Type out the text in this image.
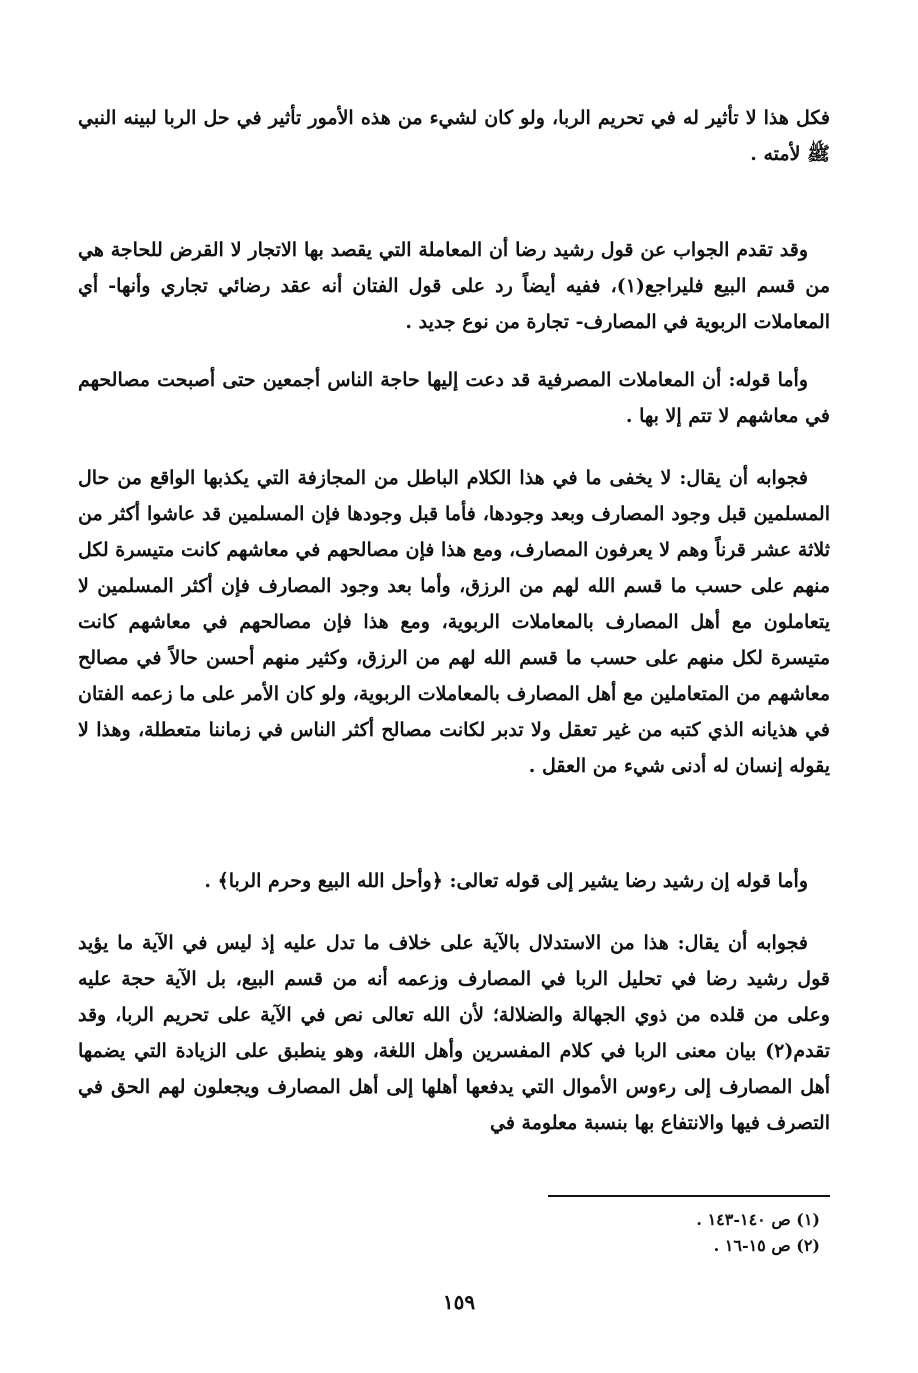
فكل هذا لا تأثير له في تحريم الربا، ولو كان لشيء من هذه الأمور تأثير في حل الربا لبينه النبي ﷺ لأمته .

وقد تقدم الجواب عن قول رشيد رضا أن المعاملة التي يقصد بها الاتجار لا القرض للحاجة هي من قسم البيع فليراجع(١)، ففيه أيضاً رد على قول الفتان أنه عقد رضائي تجاري وأنها- أي المعاملات الربوية في المصارف- تجارة من نوع جديد .

وأما قوله: أن المعاملات المصرفية قد دعت إليها حاجة الناس أجمعين حتى أصبحت مصالحهم في معاشهم لا تتم إلا بها .

فجوابه أن يقال: لا يخفى ما في هذا الكلام الباطل من المجازفة التي يكذبها الواقع من حال المسلمين قبل وجود المصارف وبعد وجودها، فأما قبل وجودها فإن المسلمين قد عاشوا أكثر من ثلاثة عشر قرناً وهم لا يعرفون المصارف، ومع هذا فإن مصالحهم في معاشهم كانت متيسرة لكل منهم على حسب ما قسم الله لهم من الرزق، وأما بعد وجود المصارف فإن أكثر المسلمين لا يتعاملون مع أهل المصارف بالمعاملات الربوية، ومع هذا فإن مصالحهم في معاشهم كانت متيسرة لكل منهم على حسب ما قسم الله لهم من الرزق، وكثير منهم أحسن حالاً في مصالح معاشهم من المتعاملين مع أهل المصارف بالمعاملات الربوية، ولو كان الأمر على ما زعمه الفتان في هذيانه الذي كتبه من غير تعقل ولا تدبر لكانت مصالح أكثر الناس في زماننا متعطلة، وهذا لا يقوله إنسان له أدنى شيء من العقل .

وأما قوله إن رشيد رضا يشير إلى قوله تعالى: ﴿وأحل الله البيع وحرم الربا﴾ .

فجوابه أن يقال: هذا من الاستدلال بالآية على خلاف ما تدل عليه إذ ليس في الآية ما يؤيد قول رشيد رضا في تحليل الربا في المصارف وزعمه أنه من قسم البيع، بل الآية حجة عليه وعلى من قلده من ذوي الجهالة والضلالة؛ لأن الله تعالى نص في الآية على تحريم الربا، وقد تقدم(٢) بيان معنى الربا في كلام المفسرين وأهل اللغة، وهو ينطبق على الزيادة التي يضمها أهل المصارف إلى رءوس الأموال التي يدفعها أهلها إلى أهل المصارف ويجعلون لهم الحق في التصرف فيها والانتفاع بها بنسبة معلومة في

(١) ص ١٤٠-١٤٣ .
(٢) ص ١٥-١٦ .
١٥٩
